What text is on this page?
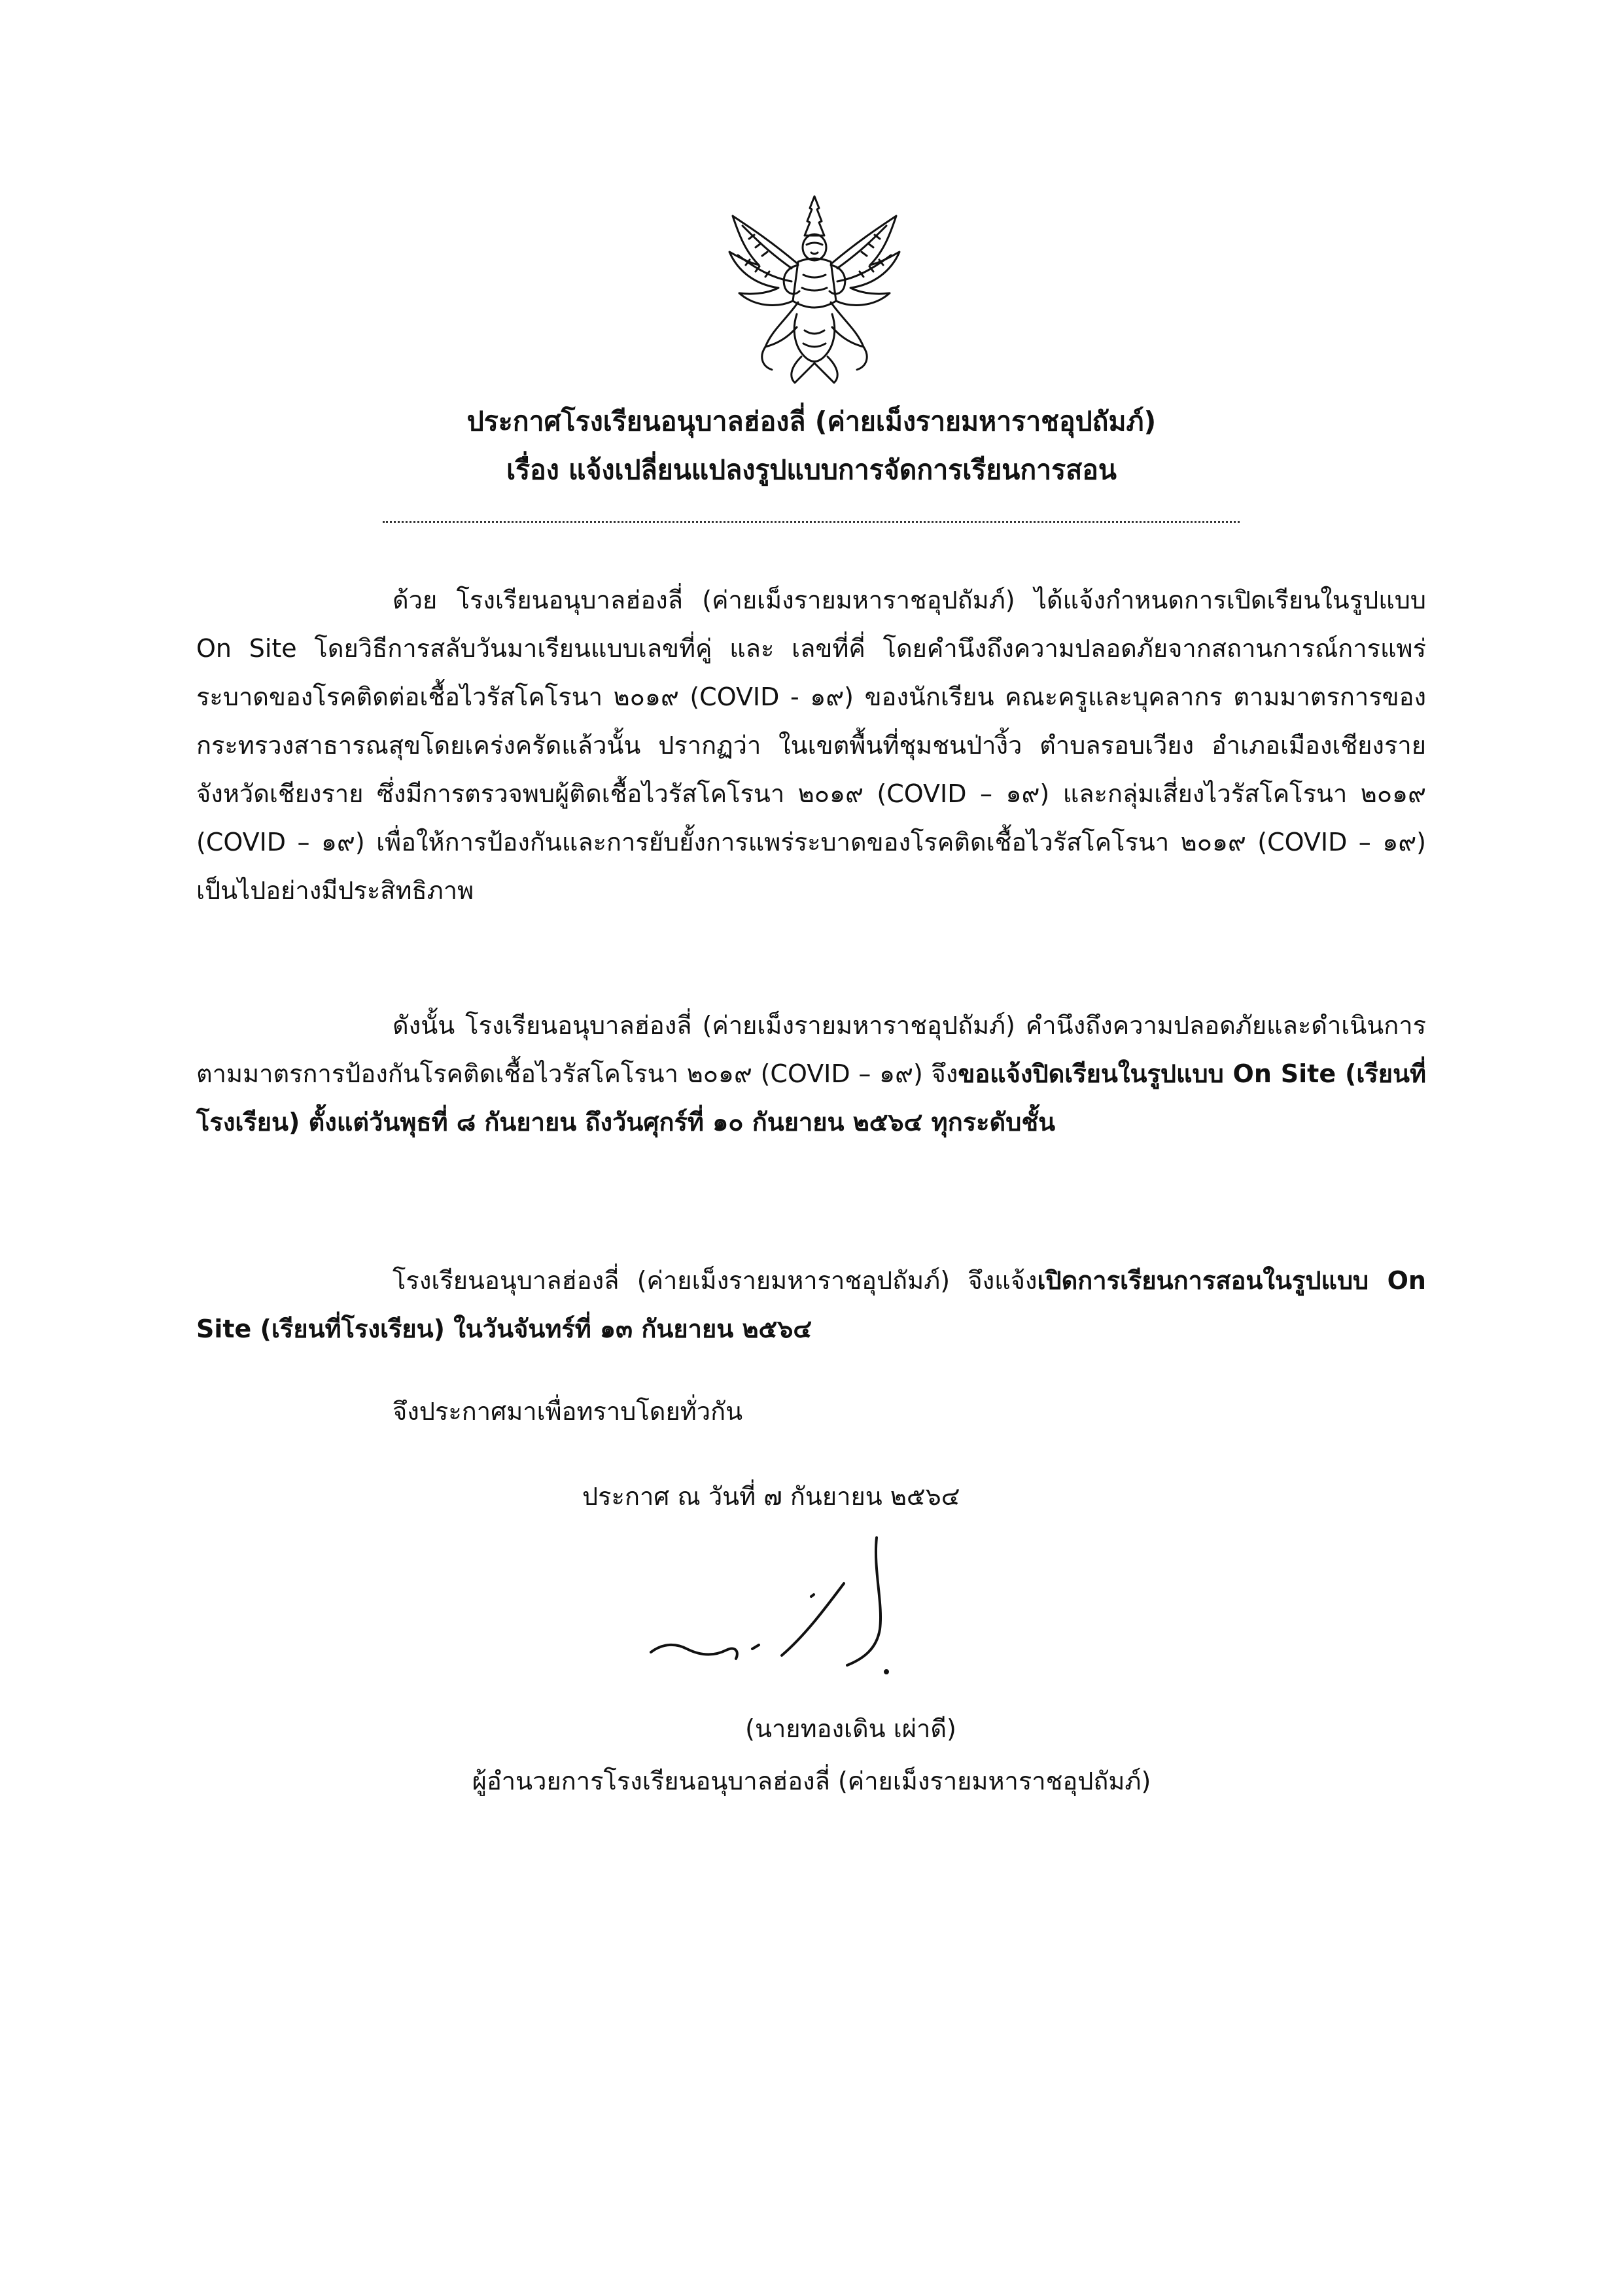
ประกาศโรงเรียนอนุบาลฮ่องลี่ (ค่ายเม็งรายมหาราชอุปถัมภ์)
เรื่อง แจ้งเปลี่ยนแปลงรูปแบบการจัดการเรียนการสอน
ด้วย โรงเรียนอนุบาลฮ่องลี่ (ค่ายเม็งรายมหาราชอุปถัมภ์) ได้แจ้งกำหนดการเปิดเรียนในรูปแบบ On Site โดยวิธีการสลับวันมาเรียนแบบเลขที่คู่ และ เลขที่คี่ โดยคำนึงถึงความปลอดภัยจากสถานการณ์การแพร่ระบาดของโรคติดต่อเชื้อไวรัสโคโรนา ๒๐๑๙ (COVID - ๑๙) ของนักเรียน คณะครูและบุคลากร ตามมาตรการของกระทรวงสาธารณสุขโดยเคร่งครัดแล้วนั้น ปรากฏว่า ในเขตพื้นที่ชุมชนป่างิ้ว ตำบลรอบเวียง อำเภอเมืองเชียงราย จังหวัดเชียงราย ซึ่งมีการตรวจพบผู้ติดเชื้อไวรัสโคโรนา ๒๐๑๙ (COVID – ๑๙) และกลุ่มเสี่ยงไวรัสโคโรนา ๒๐๑๙ (COVID – ๑๙) เพื่อให้การป้องกันและการยับยั้งการแพร่ระบาดของโรคติดเชื้อไวรัสโคโรนา ๒๐๑๙ (COVID – ๑๙) เป็นไปอย่างมีประสิทธิภาพ
ดังนั้น โรงเรียนอนุบาลฮ่องลี่ (ค่ายเม็งรายมหาราชอุปถัมภ์) คำนึงถึงความปลอดภัยและดำเนินการตามมาตรการป้องกันโรคติดเชื้อไวรัสโคโรนา ๒๐๑๙ (COVID – ๑๙) จึงขอแจ้งปิดเรียนในรูปแบบ On Site (เรียนที่โรงเรียน) ตั้งแต่วันพุธที่ ๘ กันยายน ถึงวันศุกร์ที่ ๑๐ กันยายน ๒๕๖๔ ทุกระดับชั้น
โรงเรียนอนุบาลฮ่องลี่ (ค่ายเม็งรายมหาราชอุปถัมภ์) จึงแจ้งเปิดการเรียนการสอนในรูปแบบ On Site (เรียนที่โรงเรียน) ในวันจันทร์ที่ ๑๓ กันยายน ๒๕๖๔
จึงประกาศมาเพื่อทราบโดยทั่วกัน
ประกาศ ณ วันที่ ๗ กันยายน ๒๕๖๔
(นายทองเดิน เผ่าดี)
ผู้อำนวยการโรงเรียนอนุบาลฮ่องลี่ (ค่ายเม็งรายมหาราชอุปถัมภ์)
